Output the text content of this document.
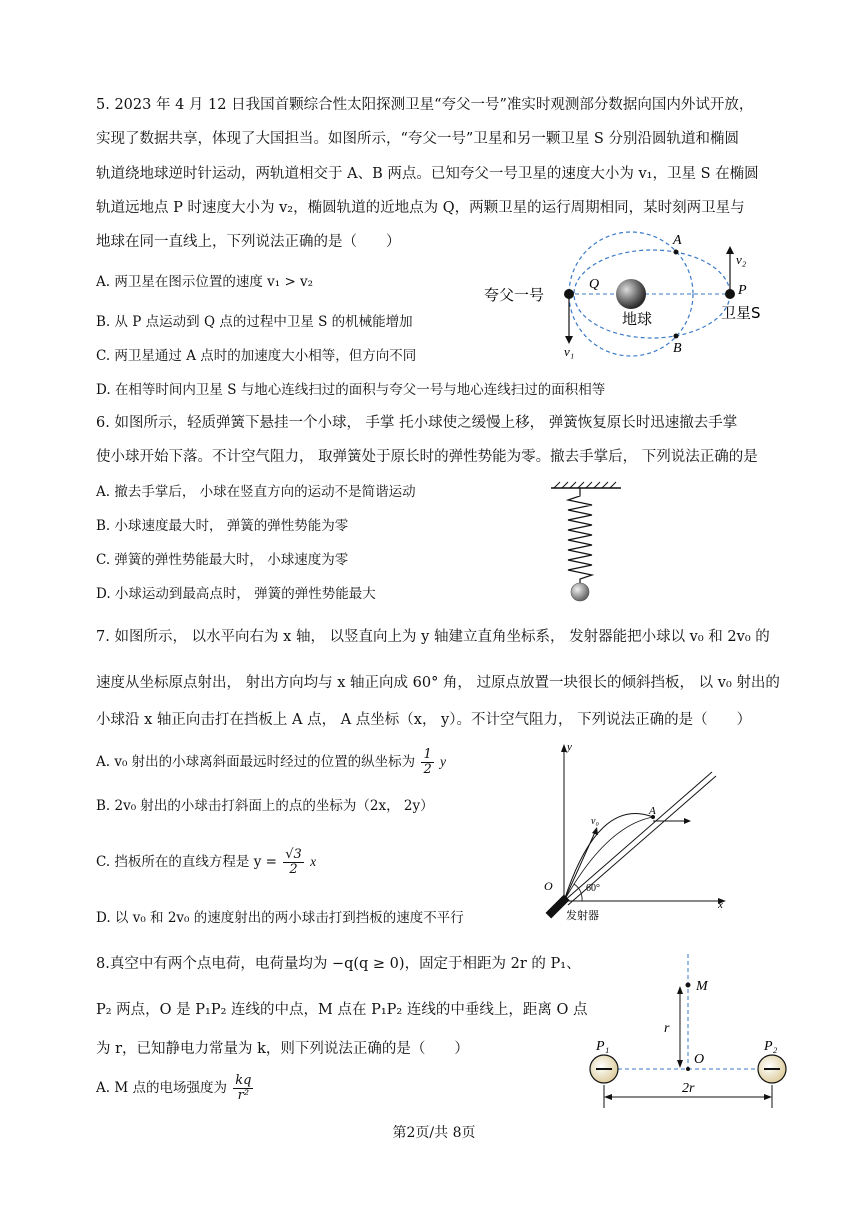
5. 2023 年 4 月 12 日我国首颗综合性太阳探测卫星“夸父一号”准实时观测部分数据向国内外试开放，
实现了数据共享，体现了大国担当。如图所示，“夸父一号”卫星和另一颗卫星 S 分别沿圆轨道和椭圆
轨道绕地球逆时针运动，两轨道相交于 A、B 两点。已知夸父一号卫星的速度大小为 v₁，卫星 S 在椭圆
轨道远地点 P 时速度大小为 v₂，椭圆轨道的近地点为 Q，两颗卫星的运行周期相同，某时刻两卫星与
地球在同一直线上，下列说法正确的是（　　）
A. 两卫星在图示位置的速度 v₁ > v₂
B. 从 P 点运动到 Q 点的过程中卫星 S 的机械能增加
C. 两卫星通过 A 点时的加速度大小相等，但方向不同
D. 在相等时间内卫星 S 与地心连线扫过的面积与夸父一号与地心连线扫过的面积相等
夸父一号
Q
地球
A
B
P
卫星S
v₂
v₁
6. 如图所示，轻质弹簧下悬挂一个小球， 手掌 托小球使之缓慢上移， 弹簧恢复原长时迅速撤去手掌
使小球开始下落。不计空气阻力， 取弹簧处于原长时的弹性势能为零。撤去手掌后， 下列说法正确的是
A. 撤去手掌后， 小球在竖直方向的运动不是简谐运动
B. 小球速度最大时， 弹簧的弹性势能为零
C. 弹簧的弹性势能最大时， 小球速度为零
D. 小球运动到最高点时， 弹簧的弹性势能最大
7. 如图所示， 以水平向右为 x 轴， 以竖直向上为 y 轴建立直角坐标系， 发射器能把小球以 v₀ 和 2v₀ 的
速度从坐标原点射出， 射出方向均与 x 轴正向成 60° 角， 过原点放置一块很长的倾斜挡板， 以 v₀ 射出的
小球沿 x 轴正向击打在挡板上 A 点， A 点坐标（x， y）。不计空气阻力， 下列说法正确的是（　　）
A. v₀ 射出的小球离斜面最远时经过的位置的纵坐标为 $\frac{1}{2}$ y
B. 2v₀ 射出的小球击打斜面上的点的坐标为（2x， 2y）
C. 挡板所在的直线方程是 $y = \frac{√3}{2}$ x
D. 以 v₀ 和 2v₀ 的速度射出的两小球击打到挡板的速度不平行
y
x
O
v₀
A
60°
发射器
8.真空中有两个点电荷，电荷量均为 −q(q ≥ 0)，固定于相距为 2r 的 P₁、
P₂ 两点，O 是 P₁P₂ 连线的中点，M 点在 P₁P₂ 连线的中垂线上，距离 O 点
为 r，已知静电力常量为 k，则下列说法正确的是（　　）
A. M 点的电场强度为 $\frac{kq}{\text{r²}}$
M
r
O
P₁	P₂
2r
第2页/共 8页
